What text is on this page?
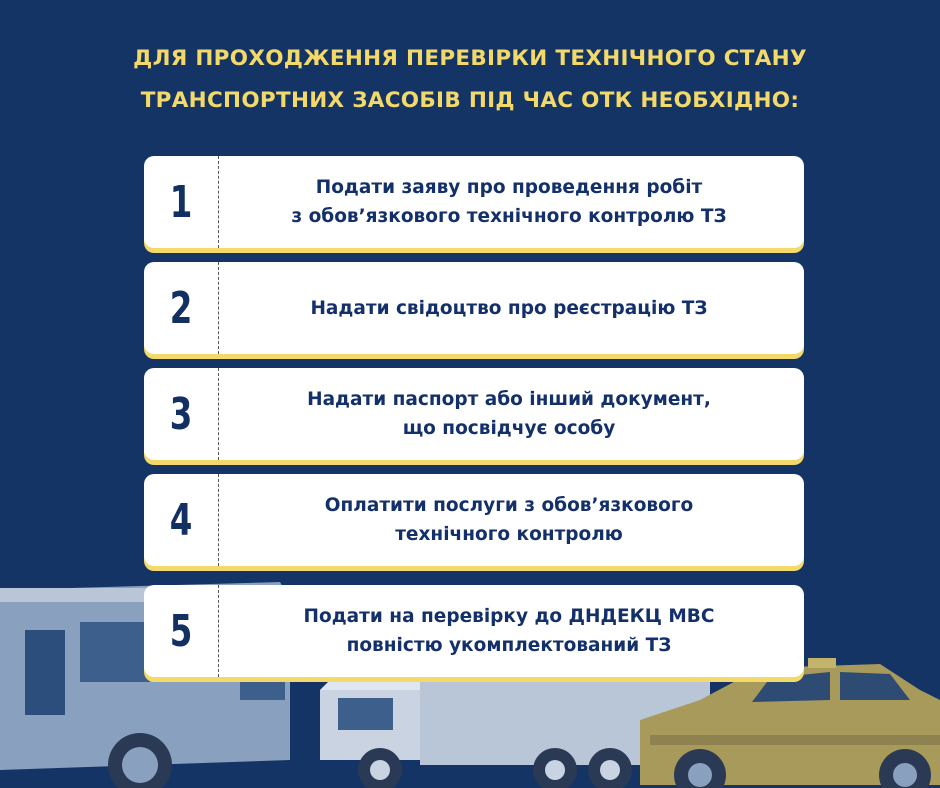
ДЛЯ ПРОХОДЖЕННЯ ПЕРЕВІРКИ ТЕХНІЧНОГО СТАНУ
ТРАНСПОРТНИХ ЗАСОБІВ ПІД ЧАС ОТК НЕОБХІДНО:
1	Подати заяву про проведення робіт
з обов’язкового технічного контролю ТЗ
2	Надати свідоцтво про реєстрацію ТЗ
3	Надати паспорт або інший документ,
що посвідчує особу
4	Оплатити послуги з обов’язкового
технічного контролю
5	Подати на перевірку до ДНДЕКЦ МВС
повністю укомплектований ТЗ
